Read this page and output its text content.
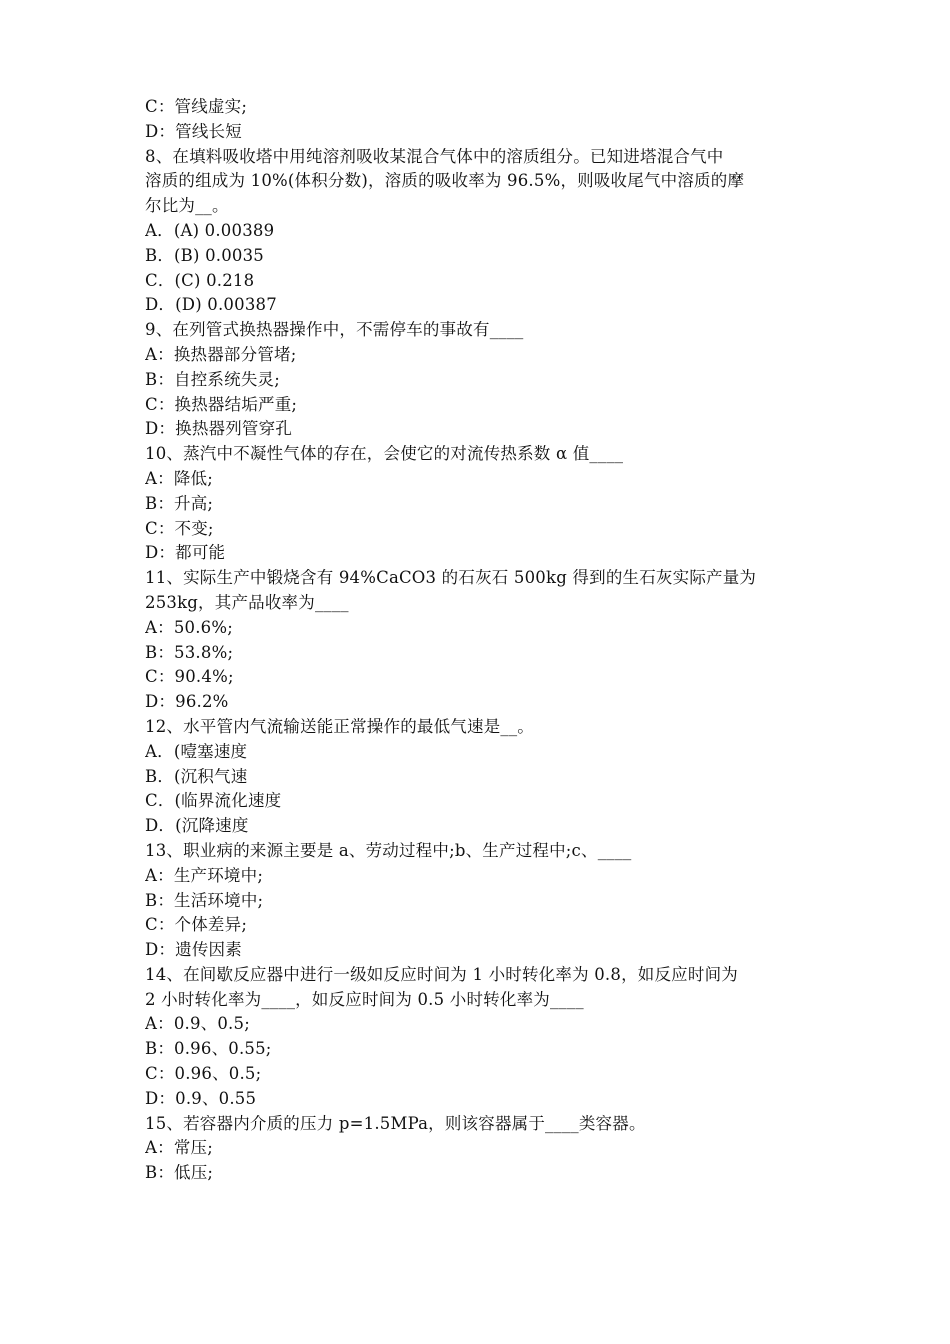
C：管线虚实;
D：管线长短
8、在填料吸收塔中用纯溶剂吸收某混合气体中的溶质组分。已知进塔混合气中
溶质的组成为 10%(体积分数)，溶质的吸收率为 96.5%，则吸收尾气中溶质的摩
尔比为__。
A．(A) 0.00389
B．(B) 0.0035
C．(C) 0.218
D．(D) 0.00387
9、在列管式换热器操作中，不需停车的事故有____
A：换热器部分管堵;
B：自控系统失灵;
C：换热器结垢严重;
D：换热器列管穿孔
10、蒸汽中不凝性气体的存在，会使它的对流传热系数 α 值____
A：降低;
B：升高;
C：不变;
D：都可能
11、实际生产中锻烧含有 94%CaCO3 的石灰石 500kg 得到的生石灰实际产量为
253kg，其产品收率为____
A：50.6%;
B：53.8%;
C：90.4%;
D：96.2%
12、水平管内气流输送能正常操作的最低气速是__。
A．(噎塞速度
B．(沉积气速
C．(临界流化速度
D．(沉降速度
13、职业病的来源主要是 a、劳动过程中;b、生产过程中;c、____
A：生产环境中;
B：生活环境中;
C：个体差异;
D：遗传因素
14、在间歇反应器中进行一级如反应时间为 1 小时转化率为 0.8，如反应时间为
2 小时转化率为____，如反应时间为 0.5 小时转化率为____
A：0.9、0.5;
B：0.96、0.55;
C：0.96、0.5;
D：0.9、0.55
15、若容器内介质的压力 p=1.5MPa，则该容器属于____类容器。
A：常压;
B：低压;
